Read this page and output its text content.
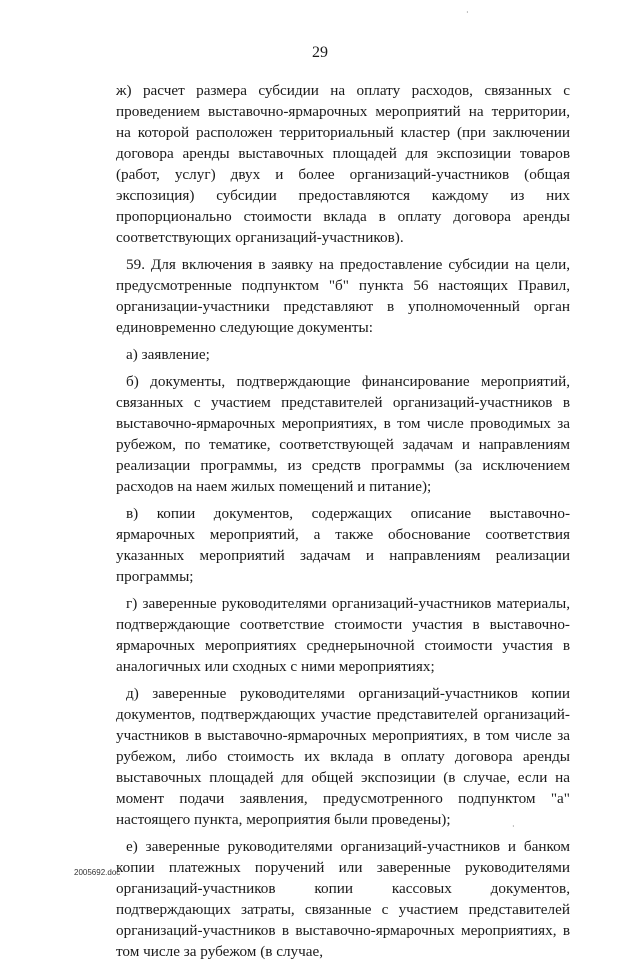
·
29

ж) расчет размера субсидии на оплату расходов, связанных с проведением выставочно-ярмарочных мероприятий на территории, на которой расположен территориальный кластер (при заключении договора аренды выставочных площадей для экспозиции товаров (работ, услуг) двух и более организаций-участников (общая экспозиция) субсидии предоставляются каждому из них пропорционально стоимости вклада в оплату договора аренды соответствующих организаций-участников).

59. Для включения в заявку на предоставление субсидии на цели, предусмотренные подпунктом "б" пункта 56 настоящих Правил, организации-участники представляют в уполномоченный орган единовременно следующие документы:

а) заявление;

б) документы, подтверждающие финансирование мероприятий, связанных с участием представителей организаций-участников в выставочно-ярмарочных мероприятиях, в том числе проводимых за рубежом, по тематике, соответствующей задачам и направлениям реализации программы, из средств программы (за исключением расходов на наем жилых помещений и питание);

в) копии документов, содержащих описание выставочно-ярмарочных мероприятий, а также обоснование соответствия указанных мероприятий задачам и направлениям реализации программы;

г) заверенные руководителями организаций-участников материалы, подтверждающие соответствие стоимости участия в выставочно-ярмарочных мероприятиях среднерыночной стоимости участия в аналогичных или сходных с ними мероприятиях;

д) заверенные руководителями организаций-участников копии документов, подтверждающих участие представителей организаций-участников в выставочно-ярмарочных мероприятиях, в том числе за рубежом, либо стоимость их вклада в оплату договора аренды выставочных площадей для общей экспозиции (в случае, если на момент подачи заявления, предусмотренного подпунктом "а" настоящего пункта, мероприятия были проведены);

е) заверенные руководителями организаций-участников и банком копии платежных поручений или заверенные руководителями организаций-участников копии кассовых документов, подтверждающих затраты, связанные с участием представителей организаций-участников в выставочно-ярмарочных мероприятиях, в том числе за рубежом (в случае,

·
2005692.doc
